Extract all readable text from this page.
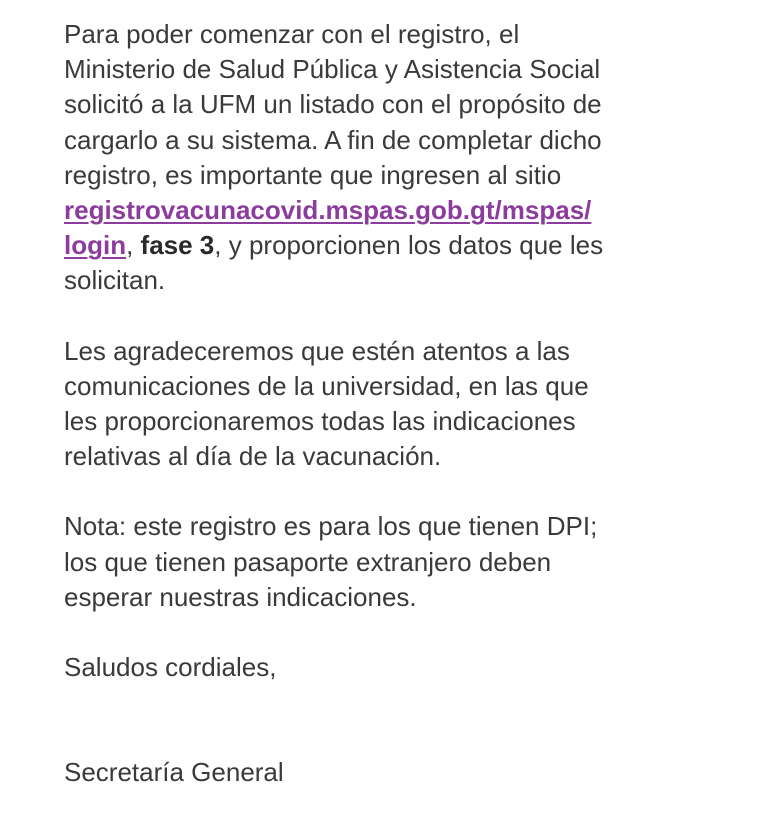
Para poder comenzar con el registro, el
Ministerio de Salud Pública y Asistencia Social
solicitó a la UFM un listado con el propósito de
cargarlo a su sistema. A fin de completar dicho
registro, es importante que ingresen al sitio
registrovacunacovid.mspas.gob.gt/mspas/
login, fase 3, y proporcionen los datos que les
solicitan.

Les agradeceremos que estén atentos a las
comunicaciones de la universidad, en las que
les proporcionaremos todas las indicaciones
relativas al día de la vacunación.

Nota: este registro es para los que tienen DPI;
los que tienen pasaporte extranjero deben
esperar nuestras indicaciones.

Saludos cordiales,

Secretaría General
